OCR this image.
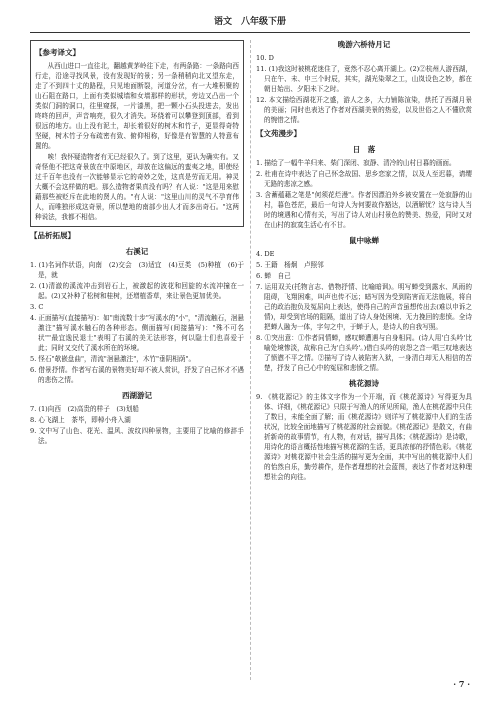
语文　八年级下册
【参考译文】
从西山进口一直往北，翻越黄茅岭往下走，有两条路：一条路向西行走，沿途寻找风景，没有发现好的景；另一条稍稍向北又望东走，走了不到四十丈的路程，只见地面断裂，河道分岔，有一大堆积聚的山石阻在路口，上面有类似城墙和女墙那样的形状，旁边又凸出一个类似门洞的洞口，往里窥探，一片漆黑，把一颗小石头投进去，发出咚咚的回声，声音响亮，很久才消失。环绕着可以攀登到顶部，看到很远的地方。山上没有泥土，却长着很好的树木和竹子，更显得奇特坚硬，树木竹子分布疏密有致、俯仰相称，好像是有智慧的人特意布置的。
唉！我怀疑造物者有无已经很久了。到了这里，更认为确实有。又奇怪他不把这奇景放在中原地区，却放在这偏远的蛮夷之地，即使经过千百年也没有一次能够显示它的奇妙之处，这真是劳而无用。神灵大概不会这样做的吧。那么造物者果真没有吗？有人说："这是用来慰藉那些被贬斥在此地的贤人的。"有人说："这里山川的灵气不孕育伟人，而唯独形成这奇景，所以楚地的南部少出人才而多出奇石。"这两种说法，我都不相信。
【品析拓展】
右溪记
1. (1)名词作状语，向南　(2)交会　(3)适宜　(4)豆类　(5)种植　(6)于是，就
2. (1)清澈的溪流冲击到岩石上，被激起的波花和回旋的水流冲撞在一起。(2)又补种了松树和桂树，还增植香草，来让景色更加优美。
3. C
4. 正面描写(直接描写)：如"南流数十步"写溪水的"小"，"清流触石，洄悬激注"描写溪水触石的各种形态。侧面描写(间接描写)："殊不可名状""最宜逸民退士"表明了右溪的美无法形容，何以隐士们也喜爱于此；同时又交代了溪水所在的环境。
5. 怪石"欹嵌盘曲"，清流"洄悬激注"，木竹"垂阴相荫"。
6. 借景抒情。作者写右溪的景物美好却不被人赏识，抒发了自己怀才不遇的悲伤之情。
西湖游记
7. (1)向西　(2)高贵的样子　(3)划船
8. 心飞湖上　茶毕，即棹小舟入湖
9. 文中写了山色、花光、温风、波纹四种景物，主要用了比喻的修辞手法。
晚游六桥待月记
10. D
11. (1)我这时被桃花迷住了，竟然不忍心离开湖上。(2)②杭州人游西湖，只在午、未、申三个时辰，其实，湖光染翠之工，山岚设色之妙，都在朝日始出、夕阳未下之时。
12. 本文描绘西湖花开之盛，游人之多，大力铺陈渲染，烘托了西湖月景的美丽；同时也表达了作者对西湖美景的热爱，以及世俗之人不懂欣赏的惋惜之情。
【文苑漫步】
日　落
1. 描绘了一幅牛羊归来、柴门深闭、寂静、清冷的山村日暮的画面。
2. 杜甫在诗中表达了自己怀念故国、思乡恋家之情，以及人至迟暮，请缨无路的悲凉之感。
3. 含蓄蕴藉之笔是"何须花烂漫"。作者因漂泊外乡被安置在一处寂静的山村，暮色苍茫，最后一句诗人为何要故作豁达，以酒解忧？这与诗人当时的境遇和心情有关，写出了诗人对山村景色的赞美、热爱，同时又对在山村的寂寞生活心有不甘。
鼠中咏蝉
4. DE
5. 王籍　杨炯　卢照邻
6. 蝉　自己
7. 运用双关(托物言志、借物抒情、比喻暗讽)。明写蝉受到露水、风雨的阻碍，飞翔困难，叫声也传不远；暗写因为受到陷害而无法施展，将自己的政治抱负及冤屈向上表达，使得自己的声音虽想传出去(难以申诉之情)，却受到官场的阻隔，道出了诗人身处困境、无力挽回的悲愤。全诗把蝉人融为一体，字句之中，于蝉于人，是诗人的自我写照。
8. ①突出意：①作者同情蝉，感叹蝉遭遇与自身相同。(诗人用'白头吟'比喻处境惨淡，故称自己为'白头吟'。)借白头吟的哀怨之音一唱三叹地表达了愤懑不平之情。②描写了诗人被陷害入狱，一身清白却无人相信的苦楚，抒发了自己心中的冤屈和悲愤之情。
桃花源诗
9. 《桃花源记》的主体文字作为一个开端，而《桃花源诗》写得更为具体、详细，《桃花源记》只限于写渔人的所见所闻，渔人在桃花源中只住了数日，未能全面了解；而《桃花源诗》则详写了桃花源中人们的生活状况，比较全面地描写了桃花源的社会面貌。《桃花源记》是散文，有曲折新奇的故事情节，有人物，有对话，描写具体；《桃花源诗》是诗歌，用诗化的语言概括性地描写桃花源的生活，更具浓郁的抒情色彩。《桃花源诗》对桃花源中社会生活的描写更为全面，其中写出的桃花源中人们的怡然自乐，勤劳耕作，是作者理想的社会蓝图，表达了作者对这种理想社会的向往。
· 7 ·
